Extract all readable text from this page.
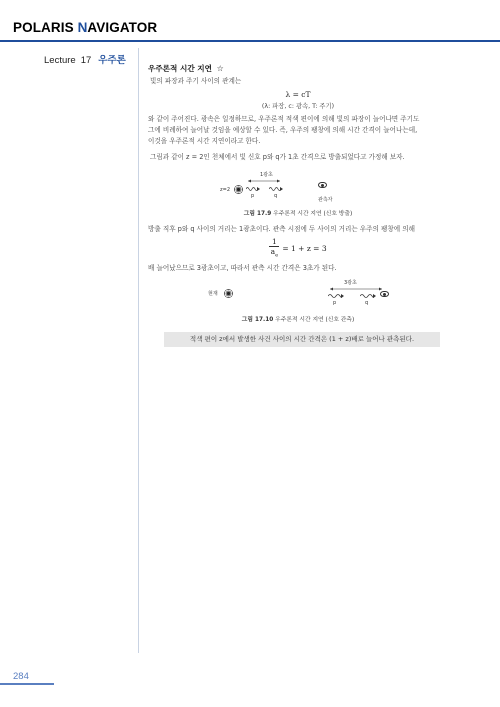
POLARIS NAVIGATOR
Lecture 17 우주론
우주론적 시간 지연 ☆
빛의 파장과 주기 사이의 관계는
λ = cT
(λ: 파장, c: 광속, T: 주기)
와 같이 주어진다. 광속은 일정하므로, 우주론적 적색 편이에 의해 빛의 파장이 늘어나면 주기도
그에 비례하여 늘어날 것임을 예상할 수 있다. 즉, 우주의 팽창에 의해 시간 간격이 늘어나는데,
이것을 우주론적 시간 지연이라고 한다.
그림과 같이 z = 2인 천체에서 빛 신호 p와 q가 1초 간격으로 방출되었다고 가정해 보자.
z=2
1광초
p	q
관측자
그림 17.9 우주론적 시간 지연 (신호 방출)
방출 직후 p와 q 사이의 거리는 1광초이다. 관측 시점에 두 사이의 거리는 우주의 팽창에 의해
$\frac{1}{a_e} = 1 + z = 3$
배 늘어났으므로 3광초이고, 따라서 관측 시간 간격은 3초가 된다.
현재
3광초
p	q
그림 17.10 우주론적 시간 지연 (신호 관측)
적색 편이 z에서 발생한 사건 사이의 시간 간격은 (1 + z)배로 늘어나 관측된다.
284
